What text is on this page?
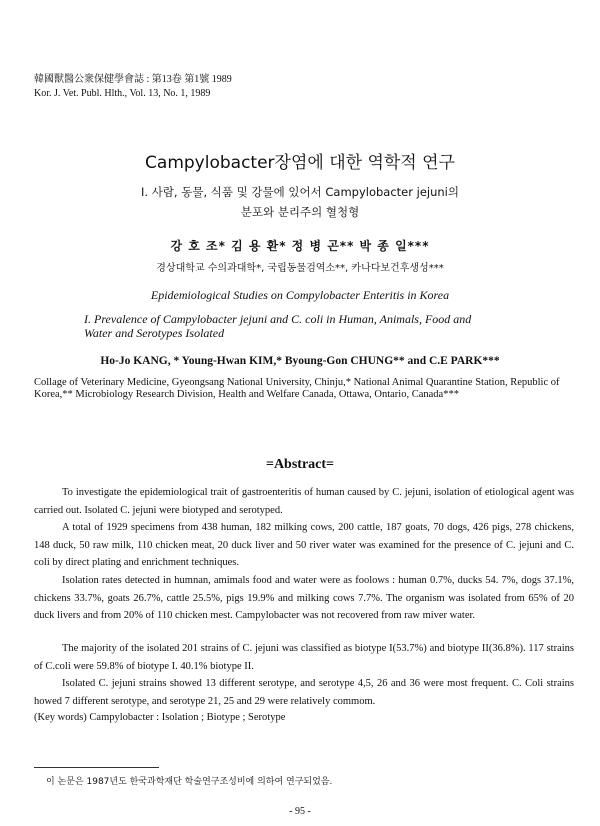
韓國獸醫公衆保健學會誌 : 第13卷 第1號 1989
Kor. J. Vet. Publ. Hlth., Vol. 13, No. 1, 1989
Campylobacter장염에 대한 역학적 연구
I. 사람, 동물, 식품 및 강물에 있어서 Campylobacter jejuni의
분포와 분리주의 혈청형
강 호 조* 김 용 환* 정 병 곤** 박 종 일***
경상대학교 수의과대학*, 국립동물검역소**, 카나다보건후생성***
Epidemiological Studies on Compylobacter Enteritis in Korea
I. Prevalence of Campylobacter jejuni and C. coli in Human, Animals, Food and
Water and Serotypes Isolated
Ho-Jo KANG, * Young-Hwan KIM,* Byoung-Gon CHUNG** and C.E PARK***
Collage of Veterinary Medicine, Gyeongsang National University, Chinju,* National Animal Quarantine Station, Republic of Korea,** Microbiology Research Division, Health and Welfare Canada, Ottawa, Ontario, Canada***
=Abstract=
To investigate the epidemiological trait of gastroenteritis of human caused by C. jejuni, isolation of etiological agent was carried out. Isolated C. jejuni were biotyped and serotyped.
A total of 1929 specimens from 438 human, 182 milking cows, 200 cattle, 187 goats, 70 dogs, 426 pigs, 278 chickens, 148 duck, 50 raw milk, 110 chicken meat, 20 duck liver and 50 river water was examined for the presence of C. jejuni and C. coli by direct plating and enrichment techniques.
Isolation rates detected in humnan, amimals food and water were as foolows : human 0.7%, ducks 54. 7%, dogs 37.1%, chickens 33.7%, goats 26.7%, cattle 25.5%, pigs 19.9% and milking cows 7.7%. The organism was isolated from 65% of 20 duck livers and from 20% of 110 chicken mest. Campylobacter was not recovered from raw miver water.
The majority of the isolated 201 strains of C. jejuni was classified as biotype I(53.7%) and biotype II(36.8%). 117 strains of C.coli were 59.8% of biotype I. 40.1% biotype II.
Isolated C. jejuni strains showed 13 different serotype, and serotype 4,5, 26 and 36 were most frequent. C. Coli strains howed 7 different serotype, and serotype 21, 25 and 29 were relatively commom.
(Key words) Campylobacter : Isolation ; Biotype ; Serotype
이 논문은 1987년도 한국과학재단 학술연구조성비에 의하여 연구되었음.
- 95 -
